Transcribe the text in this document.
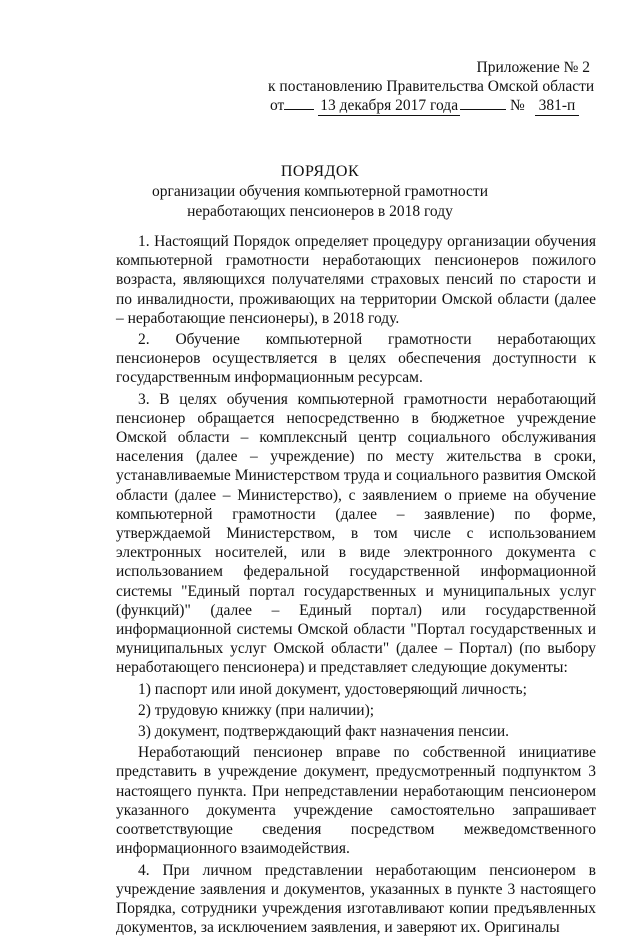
Приложение № 2
к постановлению Правительства Омской области
от 13 декабря 2017 года	№ 381-п

ПОРЯДОК

организации обучения компьютерной грамотности

неработающих пенсионеров в 2018 году

1. Настоящий Порядок определяет процедуру организации обучения компьютерной грамотности неработающих пенсионеров пожилого возраста, являющихся получателями страховых пенсий по старости и по инвалидности, проживающих на территории Омской области (далее – неработающие пенсионеры), в 2018 году.

2. Обучение компьютерной грамотности неработающих пенсионеров осуществляется в целях обеспечения доступности к государственным информационным ресурсам.

3. В целях обучения компьютерной грамотности неработающий пенсионер обращается непосредственно в бюджетное учреждение Омской области – комплексный центр социального обслуживания населения (далее – учреждение) по месту жительства в сроки, устанавливаемые Министерством труда и социального развития Омской области (далее – Министерство), с заявлением о приеме на обучение компьютерной грамотности (далее – заявление) по форме, утверждаемой Министерством, в том числе с использованием электронных носителей, или в виде электронного документа с использованием федеральной государственной информационной системы "Единый портал государственных и муниципальных услуг (функций)" (далее – Единый портал) или государственной информационной системы Омской области "Портал государственных и муниципальных услуг Омской области" (далее – Портал) (по выбору неработающего пенсионера) и представляет следующие документы:

1) паспорт или иной документ, удостоверяющий личность;

2) трудовую книжку (при наличии);

3) документ, подтверждающий факт назначения пенсии.

Неработающий пенсионер вправе по собственной инициативе представить в учреждение документ, предусмотренный подпунктом 3 настоящего пункта. При непредставлении неработающим пенсионером указанного документа учреждение самостоятельно запрашивает соответствующие сведения посредством межведомственного информационного взаимодействия.

4. При личном представлении неработающим пенсионером в учреждение заявления и документов, указанных в пункте 3 настоящего Порядка, сотрудники учреждения изготавливают копии предъявленных документов, за исключением заявления, и заверяют их. Оригиналы
